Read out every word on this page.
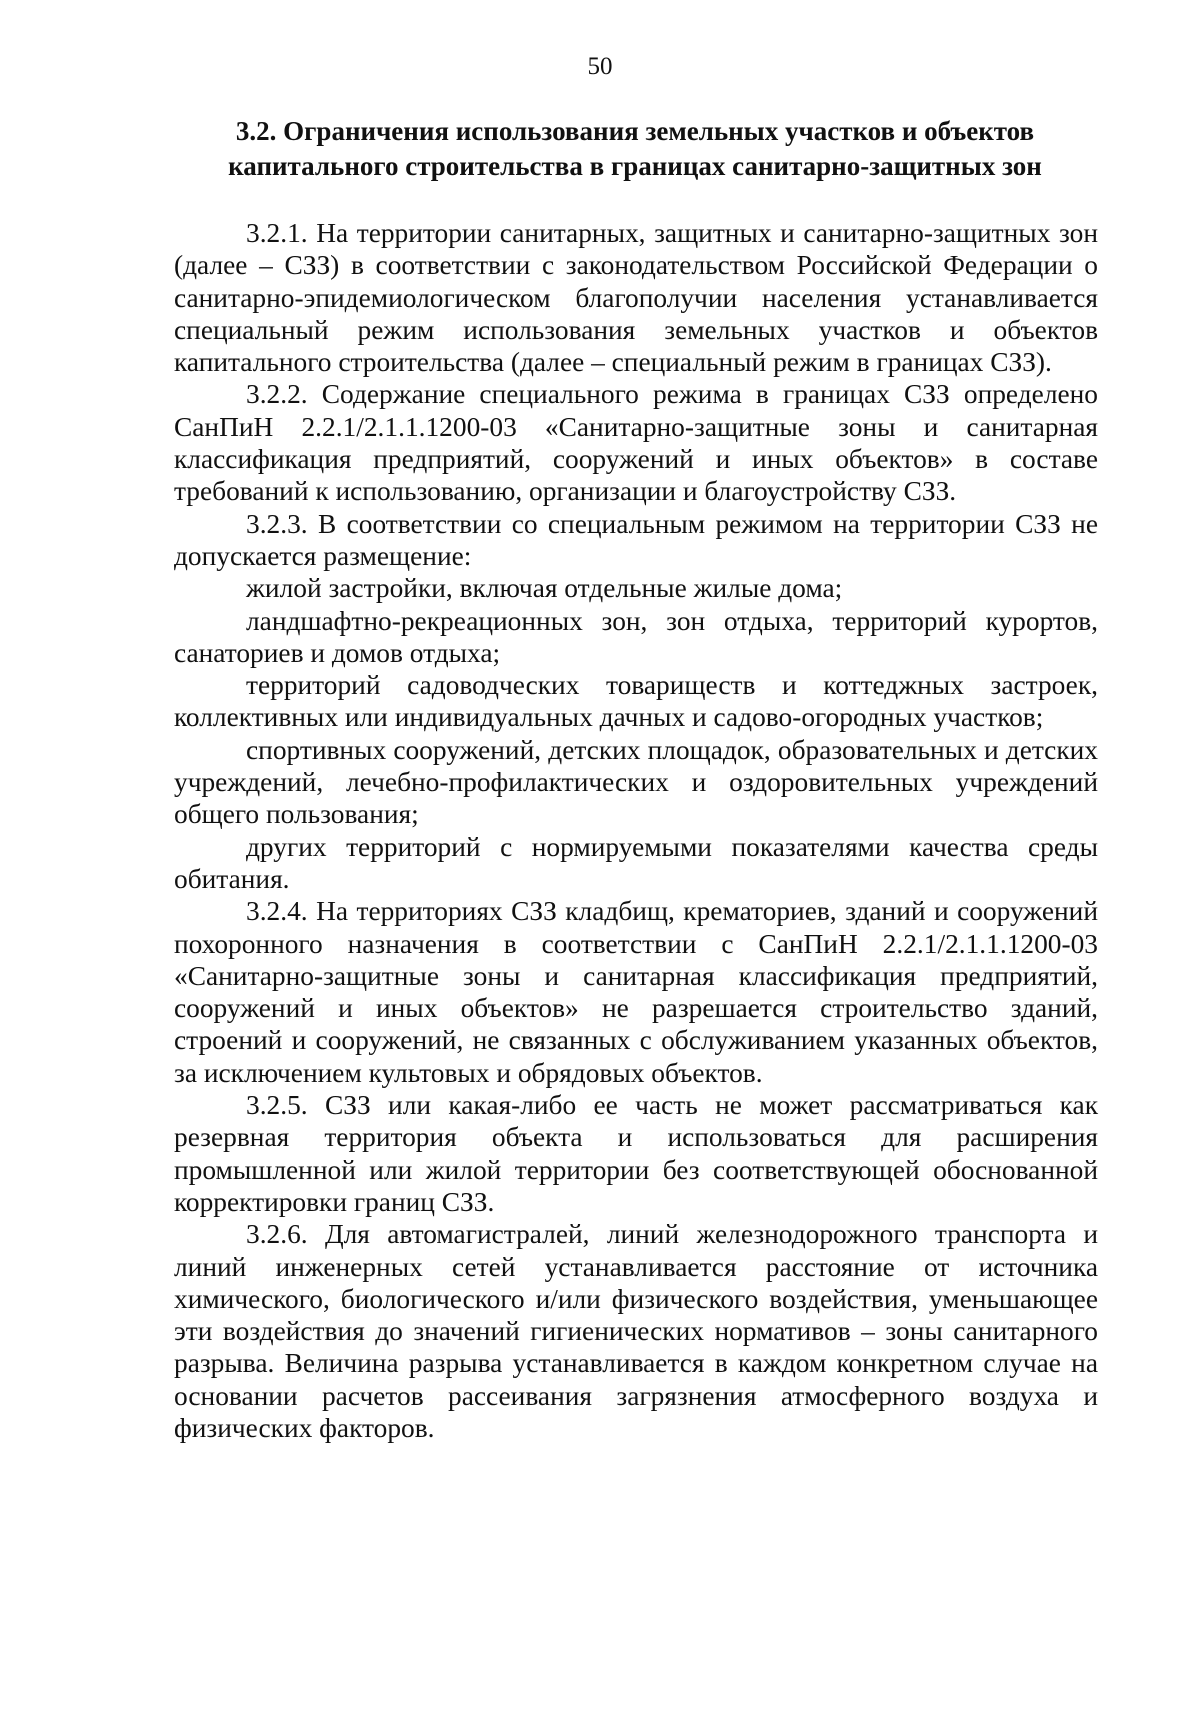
50
3.2. Ограничения использования земельных участков и объектов капитального строительства в границах санитарно-защитных зон

3.2.1. На территории санитарных, защитных и санитарно-защитных зон (далее – СЗЗ) в соответствии с законодательством Российской Федерации о санитарно-эпидемиологическом благополучии населения устанавливается специальный режим использования земельных участков и объектов капитального строительства (далее – специальный режим в границах СЗЗ).

3.2.2. Содержание специального режима в границах СЗЗ определено СанПиН 2.2.1/2.1.1.1200-03 «Санитарно-защитные зоны и санитарная классификация предприятий, сооружений и иных объектов» в составе требований к использованию, организации и благоустройству СЗЗ.

3.2.3. В соответствии со специальным режимом на территории СЗЗ не допускается размещение:

жилой застройки, включая отдельные жилые дома;

ландшафтно-рекреационных зон, зон отдыха, территорий курортов, санаториев и домов отдыха;

территорий садоводческих товариществ и коттеджных застроек, коллективных или индивидуальных дачных и садово-огородных участков;

спортивных сооружений, детских площадок, образовательных и детских учреждений, лечебно-профилактических и оздоровительных учреждений общего пользования;

других территорий с нормируемыми показателями качества среды обитания.

3.2.4. На территориях СЗЗ кладбищ, крематориев, зданий и сооружений похоронного назначения в соответствии с СанПиН 2.2.1/2.1.1.1200-03 «Санитарно-защитные зоны и санитарная классификация предприятий, сооружений и иных объектов» не разрешается строительство зданий, строений и сооружений, не связанных с обслуживанием указанных объектов, за исключением культовых и обрядовых объектов.

3.2.5. СЗЗ или какая-либо ее часть не может рассматриваться как резервная территория объекта и использоваться для расширения промышленной или жилой территории без соответствующей обоснованной корректировки границ СЗЗ.

3.2.6. Для автомагистралей, линий железнодорожного транспорта и линий инженерных сетей устанавливается расстояние от источника химического, биологического и/или физического воздействия, уменьшающее эти воздействия до значений гигиенических нормативов – зоны санитарного разрыва. Величина разрыва устанавливается в каждом конкретном случае на основании расчетов рассеивания загрязнения атмосферного воздуха и физических факторов.
